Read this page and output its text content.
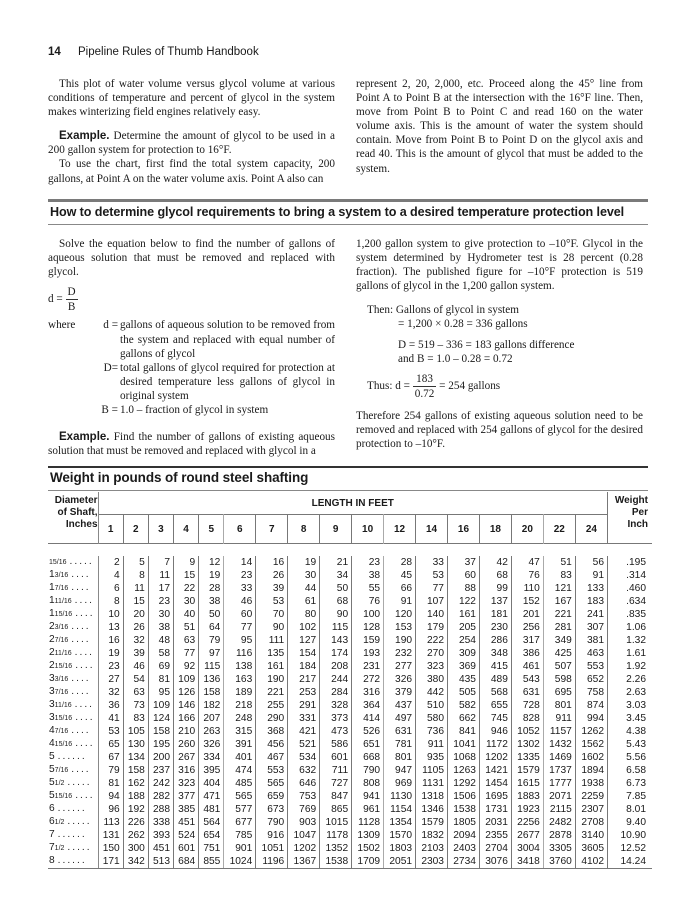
14 Pipeline Rules of Thumb Handbook

This plot of water volume versus glycol volume at various conditions of temperature and percent of glycol in the system makes winterizing field engines relatively easy.

Example. Determine the amount of glycol to be used in a 200 gallon system for protection to 16°F.

To use the chart, first find the total system capacity, 200 gallons, at Point A on the water volume axis. Point A also can

represent 2, 20, 2,000, etc. Proceed along the 45° line from Point A to Point B at the intersection with the 16°F line. Then, move from Point B to Point C and read 160 on the water volume axis. This is the amount of water the system should contain. Move from Point B to Point D on the glycol axis and read 40. This is the amount of glycol that must be added to the system.

How to determine glycol requirements to bring a system to a desired temperature protection level

Solve the equation below to find the number of gallons of aqueous solution that must be removed and replaced with glycol.

$d = \frac{D}{B}$
where	d = gallons of aqueous solution to be removed from the system and replaced with equal number of gallons of glycol
D= total gallons of glycol required for protection at desired temperature less gallons of glycol in original system
B = 1.0 – fraction of glycol in system

Example. Find the number of gallons of existing aqueous solution that must be removed and replaced with glycol in a

1,200 gallon system to give protection to –10°F. Glycol in the system determined by Hydrometer test is 28 percent (0.28 fraction). The published figure for –10°F protection is 519 gallons of glycol in the 1,200 gallon system.

Then: Gallons of glycol in system
= 1,200 × 0.28 = 336 gallons
D = 519 – 336 = 183 gallons difference
and B = 1.0 – 0.28 = 0.72
Thus: $d = \frac{183}{0.72} = 254$ gallons

Therefore 254 gallons of existing aqueous solution need to be removed and replaced with 254 gallons of glycol for the desired protection to –10°F.

Weight in pounds of round steel shafting
Diameter
of Shaft,
Inches
	LENGTH IN FEET	Weight
Per
Inch

	1	2	3	4	5	6	7	8	9	10	12	14	16	18	20	22	24	

15/16 .....	2	5	7	9	12	14	16	19	21	23	28	33	37	42	47	51	56	.195
13/16 ....	4	8	11	15	19	23	26	30	34	38	45	53	60	68	76	83	91	.314
17/16 ....	6	11	17	22	28	33	39	44	50	55	66	77	88	99	110	121	133	.460
111/16 ....	8	15	23	30	38	46	53	61	68	76	91	107	122	137	152	167	183	.634
115/16 ....	10	20	30	40	50	60	70	80	90	100	120	140	161	181	201	221	241	.835
23/16 ....	13	26	38	51	64	77	90	102	115	128	153	179	205	230	256	281	307	1.06
27/16 ....	16	32	48	63	79	95	111	127	143	159	190	222	254	286	317	349	381	1.32
211/16 ....	19	39	58	77	97	116	135	154	174	193	232	270	309	348	386	425	463	1.61
215/16 ....	23	46	69	92	115	138	161	184	208	231	277	323	369	415	461	507	553	1.92
33/16 ....	27	54	81	109	136	163	190	217	244	272	326	380	435	489	543	598	652	2.26
37/16 ....	32	63	95	126	158	189	221	253	284	316	379	442	505	568	631	695	758	2.63
311/16 ....	36	73	109	146	182	218	255	291	328	364	437	510	582	655	728	801	874	3.03
315/16 ....	41	83	124	166	207	248	290	331	373	414	497	580	662	745	828	911	994	3.45
47/16 ....	53	105	158	210	263	315	368	421	473	526	631	736	841	946	1052	1157	1262	4.38
415/16 ....	65	130	195	260	326	391	456	521	586	651	781	911	1041	1172	1302	1432	1562	5.43
5 ......	67	134	200	267	334	401	467	534	601	668	801	935	1068	1202	1335	1469	1602	5.56
57/16 ....	79	158	237	316	395	474	553	632	711	790	947	1105	1263	1421	1579	1737	1894	6.58
51/2 .....	81	162	242	323	404	485	565	646	727	808	969	1131	1292	1454	1615	1777	1938	6.73
515/16 ....	94	188	282	377	471	565	659	753	847	941	1130	1318	1506	1695	1883	2071	2259	7.85
6 ......	96	192	288	385	481	577	673	769	865	961	1154	1346	1538	1731	1923	2115	2307	8.01
61/2 .....	113	226	338	451	564	677	790	903	1015	1128	1354	1579	1805	2031	2256	2482	2708	9.40
7 ......	131	262	393	524	654	785	916	1047	1178	1309	1570	1832	2094	2355	2677	2878	3140	10.90
71/2 .....	150	300	451	601	751	901	1051	1202	1352	1502	1803	2103	2403	2704	3004	3305	3605	12.52
8 ......	171	342	513	684	855	1024	1196	1367	1538	1709	2051	2303	2734	3076	3418	3760	4102	14.24
